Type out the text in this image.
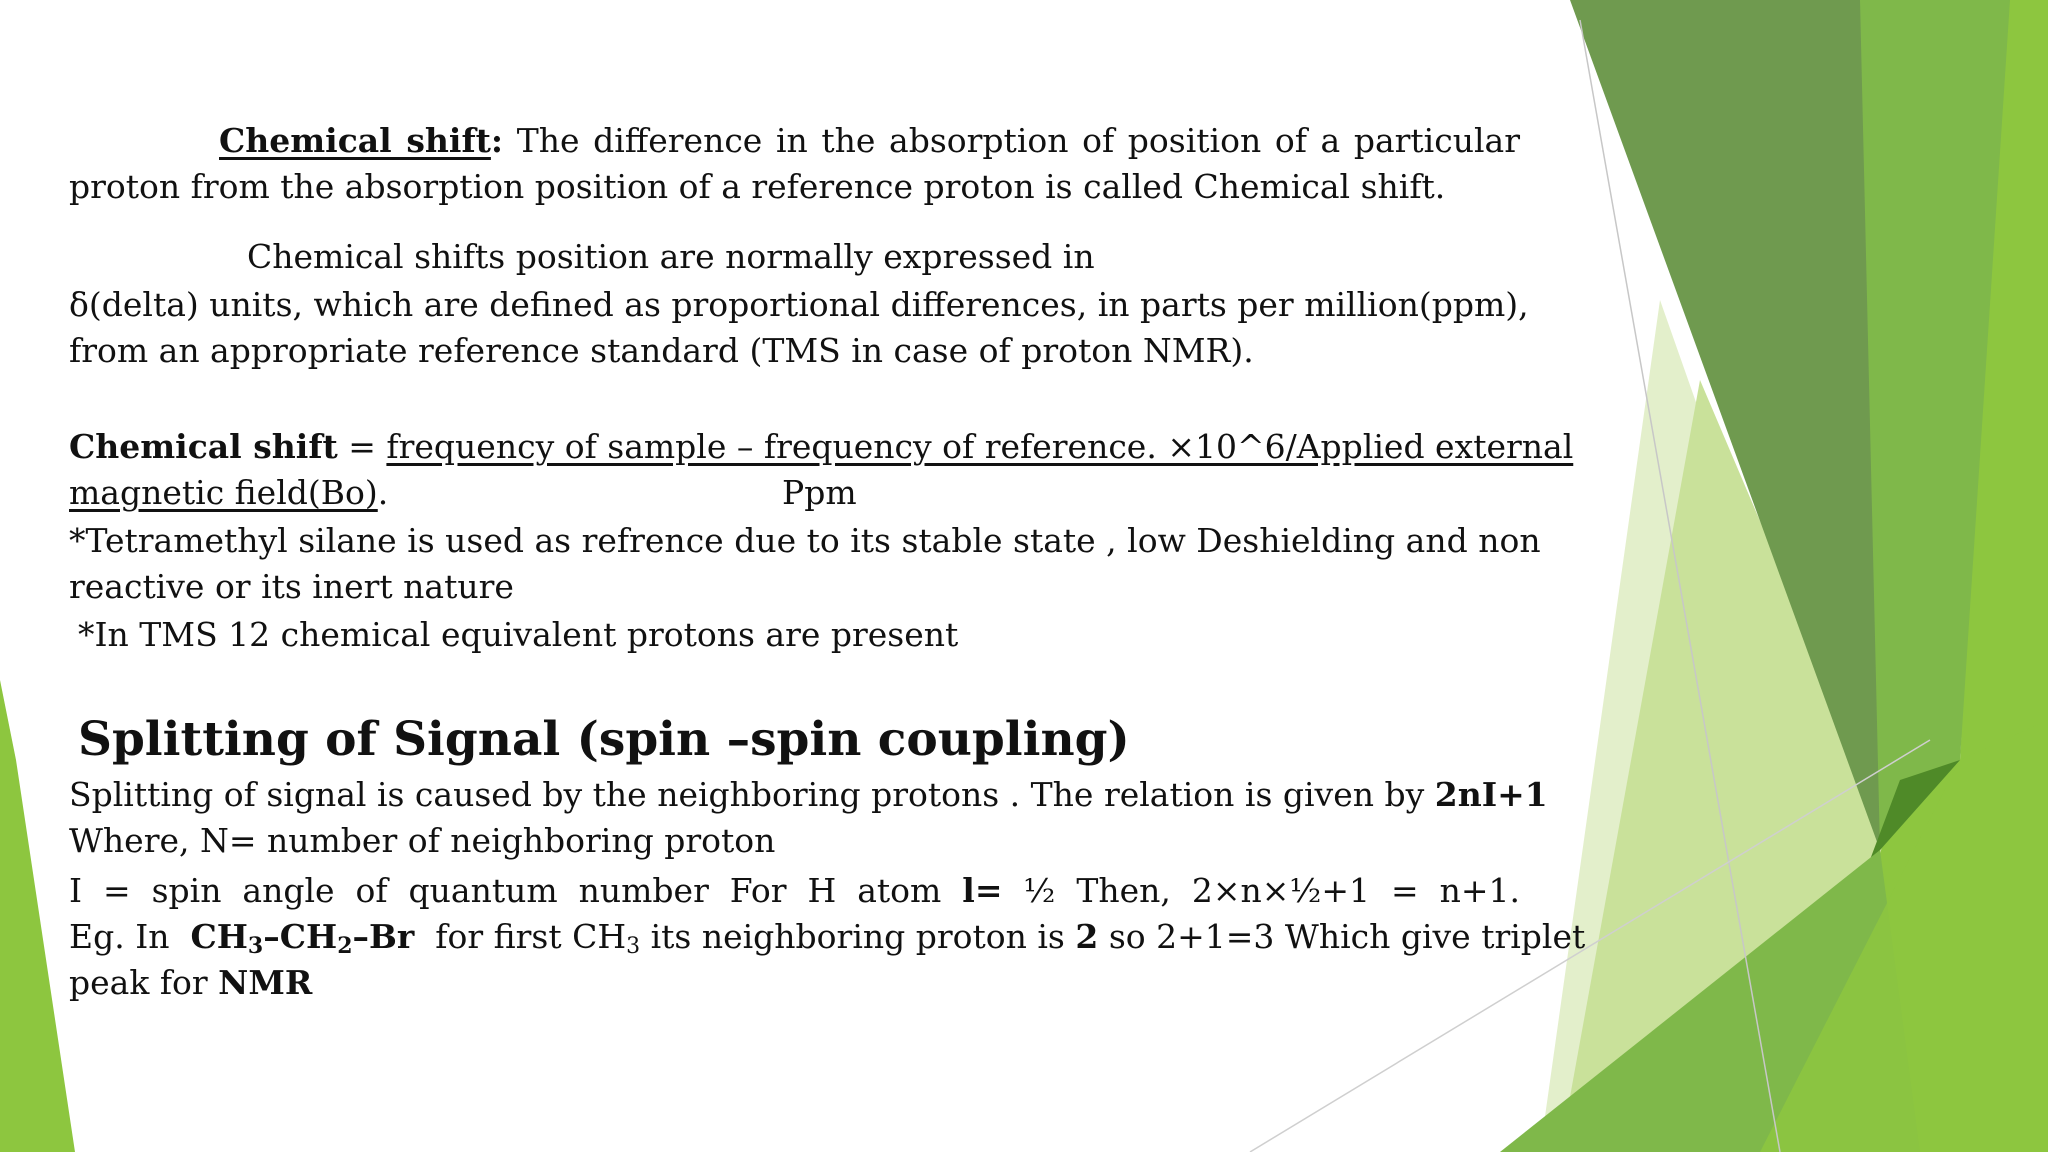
Chemical shift: The difference in the absorption of position of a particular
proton from the absorption position of a reference proton is called Chemical shift.
Chemical shifts position are normally expressed in
δ(delta) units, which are defined as proportional differences, in parts per million(ppm),
from an appropriate reference standard (TMS in case of proton NMR).
Chemical shift = frequency of sample – frequency of reference. ×10^6/Applied external
magnetic field(Bo).	Ppm
*Tetramethyl silane is used as refrence due to its stable state , low Deshielding and non
reactive or its inert nature
*In TMS 12 chemical equivalent protons are present
Splitting of Signal (spin –spin coupling)
Splitting of signal is caused by the neighboring protons . The relation is given by 2nI+1
Where, N= number of neighboring proton
I = spin angle of quantum number For H atom l= ½ Then, 2×n×½+1 = n+1.
Eg. In  $CH_3-CH_2-Br$  for first $CH_3$ its neighboring proton is 2 so 2+1=3 Which give triplet
peak for NMR
